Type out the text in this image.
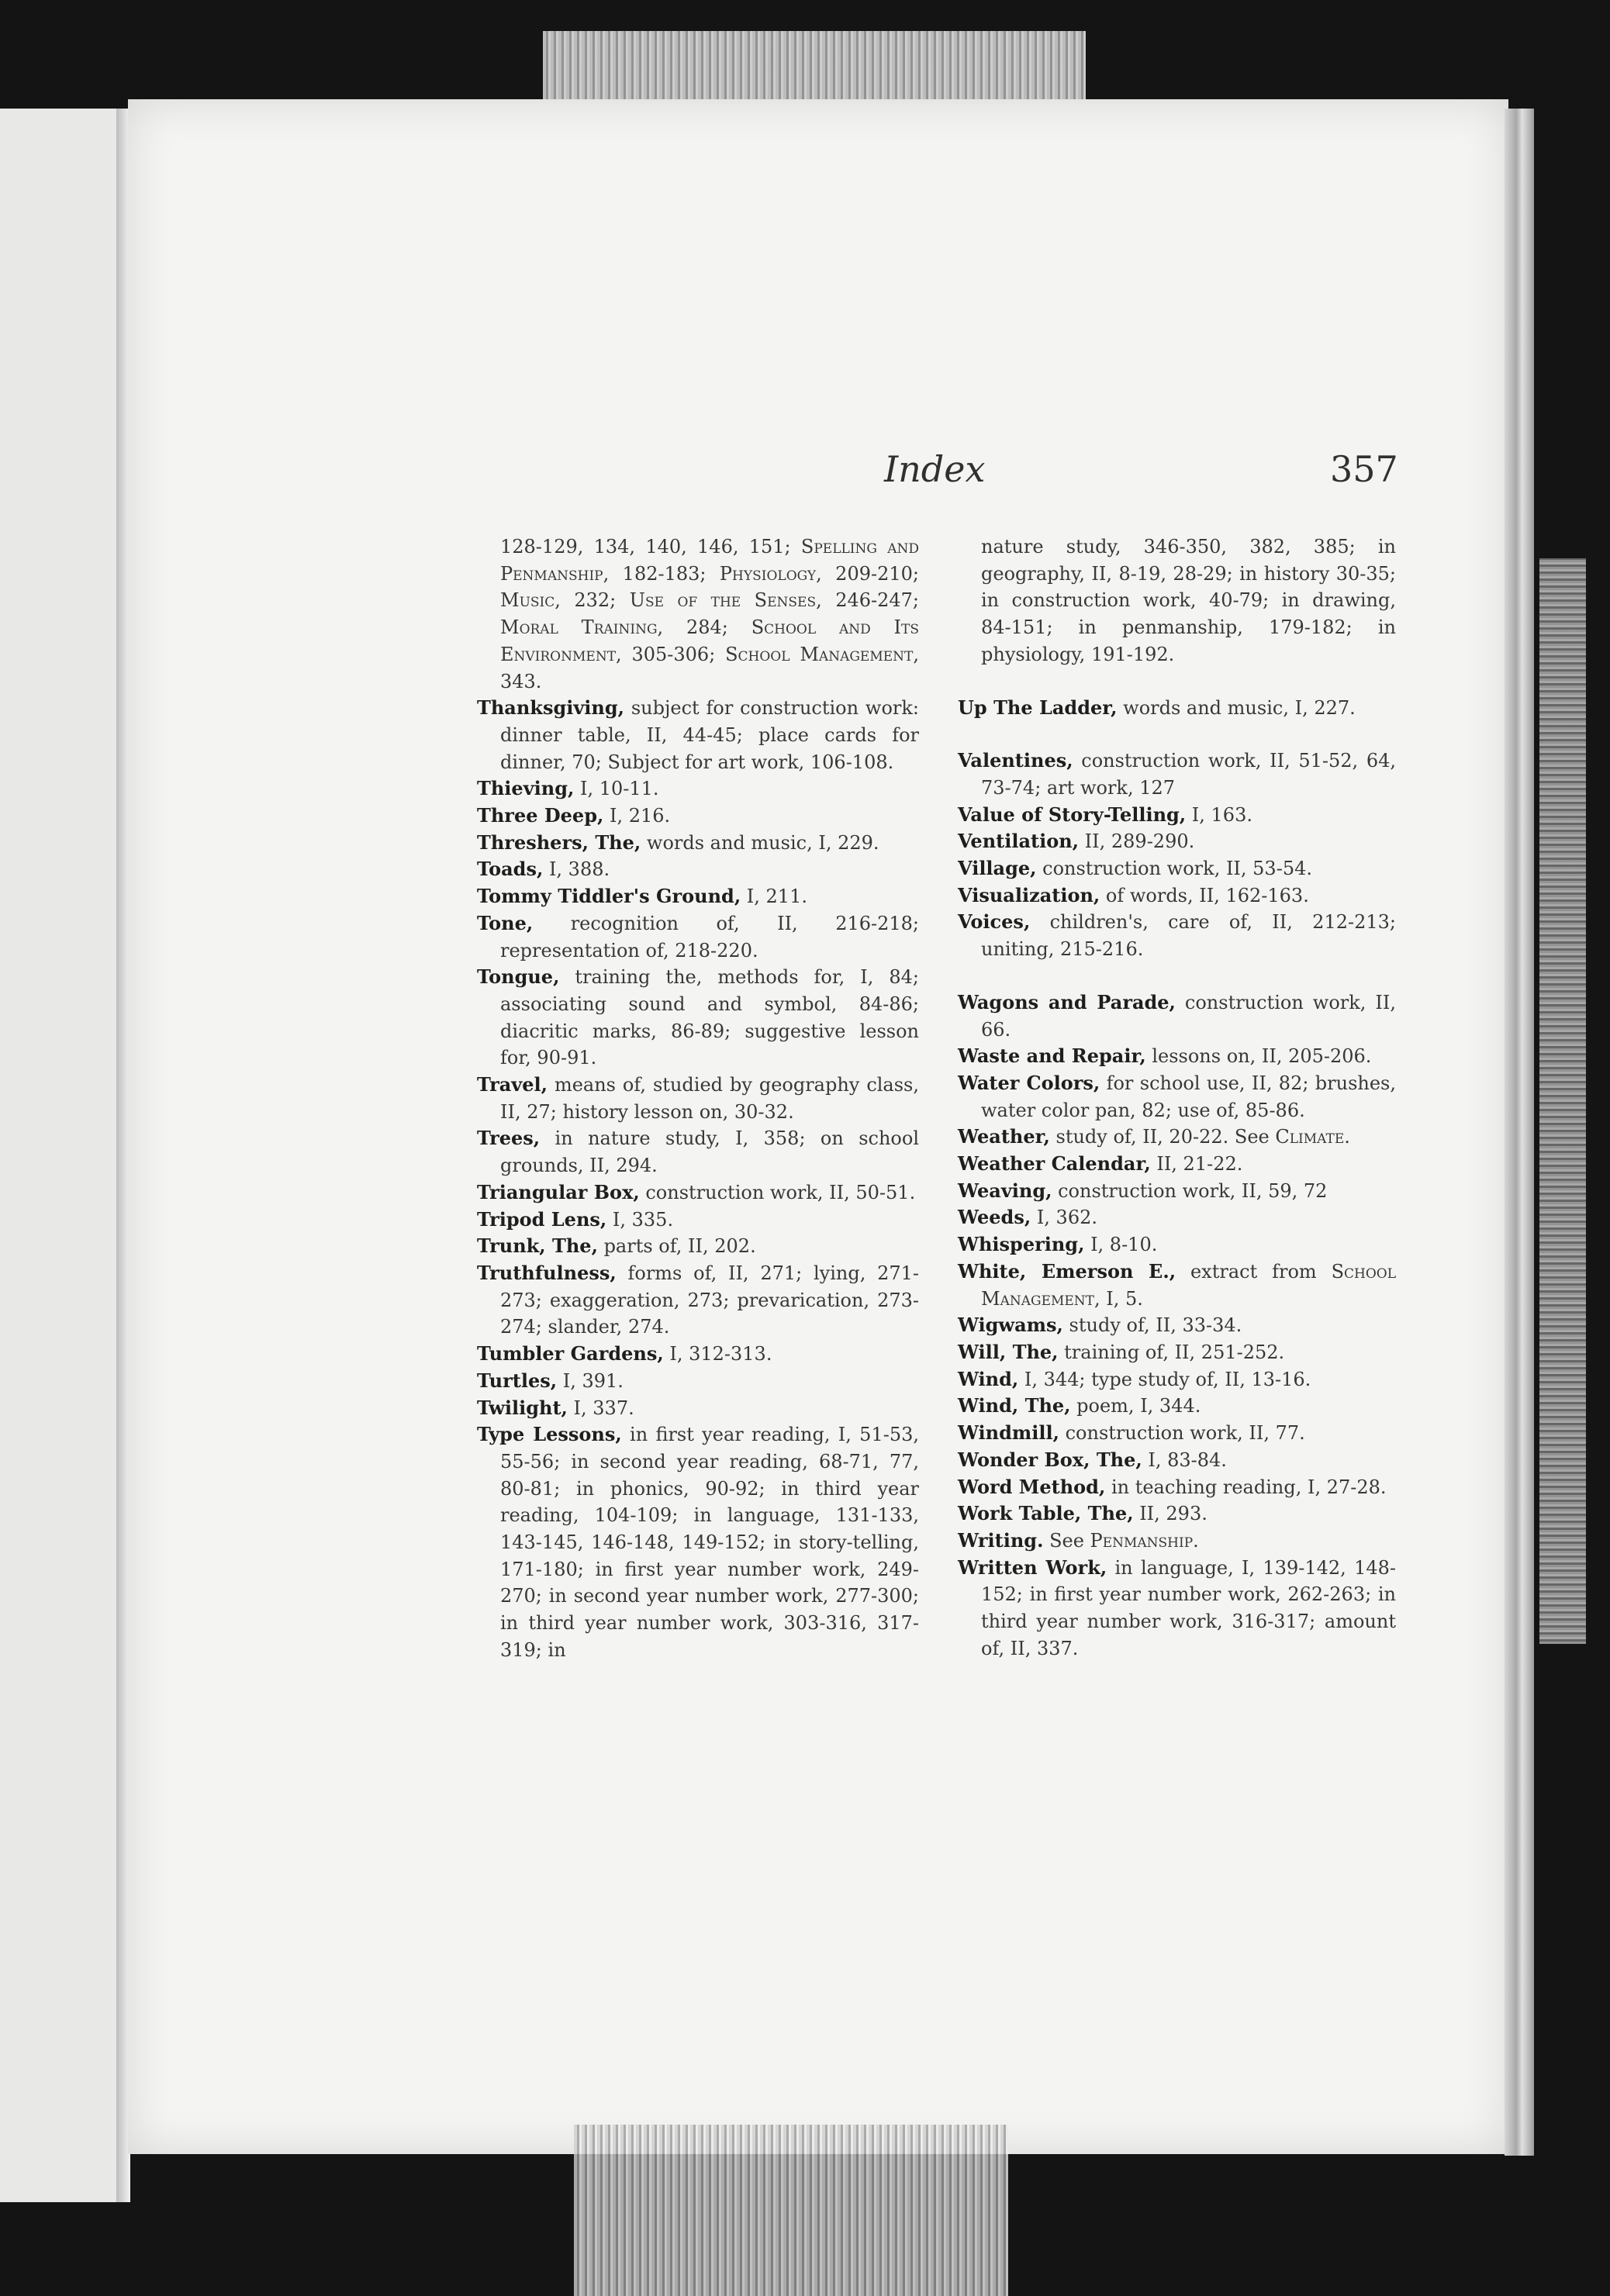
Index	357
128-129, 134, 140, 146, 151; Spelling and Penmanship, 182-183; Physiology, 209-210; Music, 232; Use of the Senses, 246-247; Moral Training, 284; School and Its Environment, 305-306; School Management, 343.
Thanksgiving, subject for construction work: dinner table, II, 44-45; place cards for dinner, 70; Subject for art work, 106-108.
Thieving, I, 10-11.
Three Deep, I, 216.
Threshers, The, words and music, I, 229.
Toads, I, 388.
Tommy Tiddler's Ground, I, 211.
Tone, recognition of, II, 216-218; representation of, 218-220.
Tongue, training the, methods for, I, 84; associating sound and symbol, 84-86; diacritic marks, 86-89; suggestive lesson for, 90-91.
Travel, means of, studied by geography class, II, 27; history lesson on, 30-32.
Trees, in nature study, I, 358; on school grounds, II, 294.
Triangular Box, construction work, II, 50-51.
Tripod Lens, I, 335.
Trunk, The, parts of, II, 202.
Truthfulness, forms of, II, 271; lying, 271-273; exaggeration, 273; prevarication, 273-274; slander, 274.
Tumbler Gardens, I, 312-313.
Turtles, I, 391.
Twilight, I, 337.
Type Lessons, in first year reading, I, 51-53, 55-56; in second year reading, 68-71, 77, 80-81; in phonics, 90-92; in third year reading, 104-109; in language, 131-133, 143-145, 146-148, 149-152; in story-telling, 171-180; in first year number work, 249-270; in second year number work, 277-300; in third year number work, 303-316, 317-319; in
nature study, 346-350, 382, 385; in geography, II, 8-19, 28-29; in history 30-35; in construction work, 40-79; in drawing, 84-151; in penmanship, 179-182; in physiology, 191-192.
Up The Ladder, words and music, I, 227.
Valentines, construction work, II, 51-52, 64, 73-74; art work, 127
Value of Story-Telling, I, 163.
Ventilation, II, 289-290.
Village, construction work, II, 53-54.
Visualization, of words, II, 162-163.
Voices, children's, care of, II, 212-213; uniting, 215-216.
Wagons and Parade, construction work, II, 66.
Waste and Repair, lessons on, II, 205-206.
Water Colors, for school use, II, 82; brushes, water color pan, 82; use of, 85-86.
Weather, study of, II, 20-22. See Climate.
Weather Calendar, II, 21-22.
Weaving, construction work, II, 59, 72
Weeds, I, 362.
Whispering, I, 8-10.
White, Emerson E., extract from School Management, I, 5.
Wigwams, study of, II, 33-34.
Will, The, training of, II, 251-252.
Wind, I, 344; type study of, II, 13-16.
Wind, The, poem, I, 344.
Windmill, construction work, II, 77.
Wonder Box, The, I, 83-84.
Word Method, in teaching reading, I, 27-28.
Work Table, The, II, 293.
Writing. See Penmanship.
Written Work, in language, I, 139-142, 148-152; in first year number work, 262-263; in third year number work, 316-317; amount of, II, 337.
